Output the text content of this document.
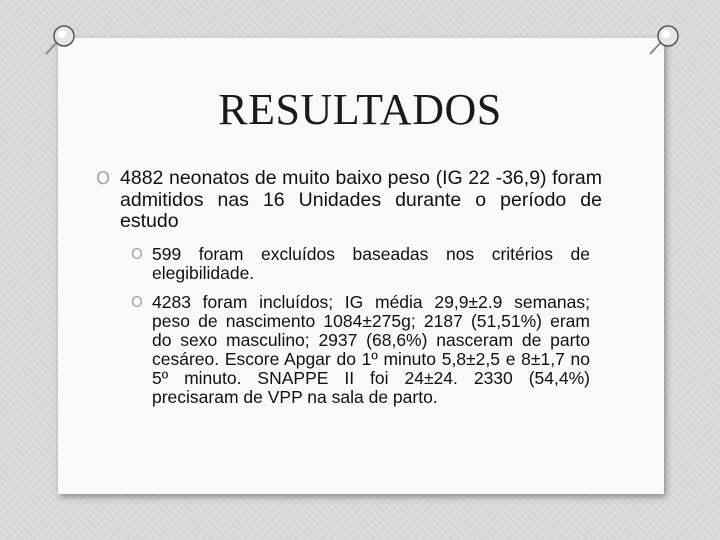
RESULTADOS
O 4882 neonatos de muito baixo peso (IG 22 -36,9) foram admitidos nas 16 Unidades durante o período de estudo
O 599 foram excluídos baseadas nos critérios de elegibilidade.
O 4283 foram incluídos; IG média 29,9±2.9 semanas; peso de nascimento 1084±275g; 2187 (51,51%) eram do sexo masculino; 2937 (68,6%) nasceram de parto cesáreo. Escore Apgar do 1º minuto 5,8±2,5 e 8±1,7 no 5º minuto. SNAPPE II foi 24±24. 2330 (54,4%) precisaram de VPP na sala de parto.
